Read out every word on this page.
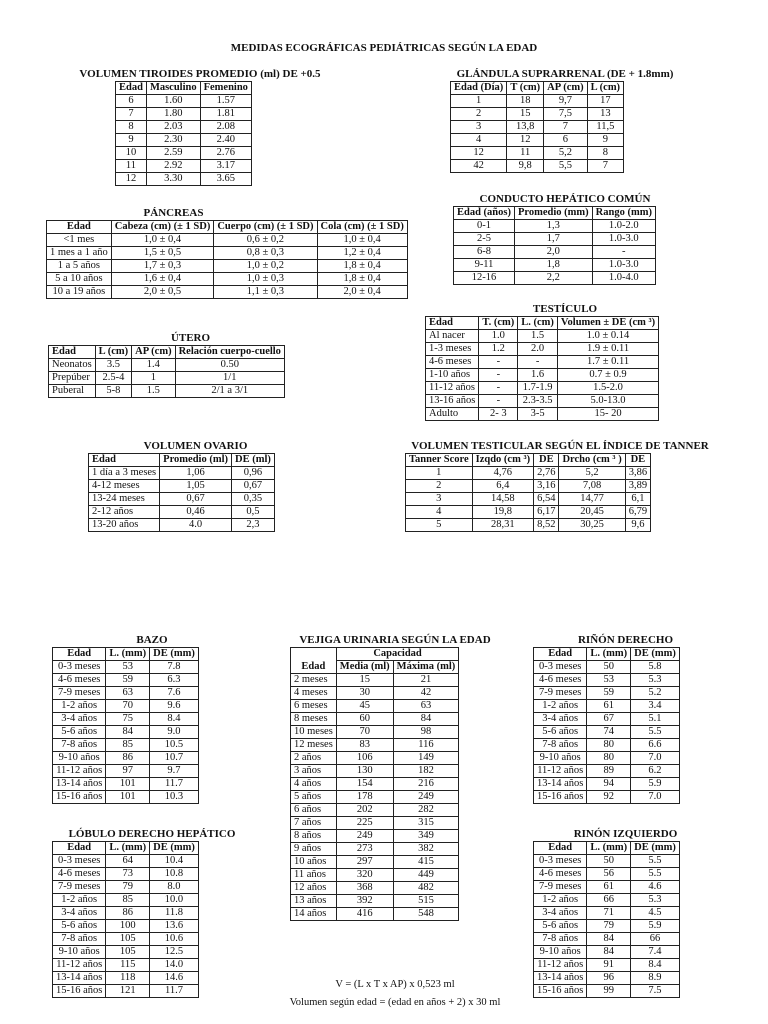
MEDIDAS ECOGRÁFICAS PEDIÁTRICAS SEGÚN LA EDAD
VOLUMEN TIROIDES PROMEDIO (ml) DE +0.5
Edad	Masculino	Femenino
6	1.60	1.57
7	1.80	1.81
8	2.03	2.08
9	2.30	2.40
10	2.59	2.76
11	2.92	3.17
12	3.30	3.65
GLÁNDULA SUPRARRENAL (DE + 1.8mm)
Edad (Día)	T (cm)	AP (cm)	L (cm)
1	18	9,7	17
2	15	7,5	13
3	13,8	7	11,5
4	12	6	9
12	11	5,2	8
42	9,8	5,5	7
PÁNCREAS
Edad	Cabeza (cm) (± 1 SD)	Cuerpo (cm) (± 1 SD)	Cola (cm) (± 1 SD)
<1 mes	1,0 ± 0,4	0,6 ± 0,2	1,0 ± 0,4
1 mes a 1 año	1,5 ± 0,5	0,8 ± 0,3	1,2 ± 0,4
1 a 5 años	1,7 ± 0,3	1,0 ± 0,2	1,8 ± 0,4
5 a 10 años	1,6 ± 0,4	1,0 ± 0,3	1,8 ± 0,4
10 a 19 años	2,0 ± 0,5	1,1 ± 0,3	2,0 ± 0,4
CONDUCTO HEPÁTICO COMÚN
Edad (años)	Promedio (mm)	Rango (mm)
0-1	1,3	1.0-2.0
2-5	1,7	1.0-3.0
6-8	2,0	-
9-11	1,8	1.0-3.0
12-16	2,2	1.0-4.0
TESTÍCULO
Edad	T. (cm)	L. (cm)	Volumen ± DE (cm ³)
Al nacer	1.0	1.5	1.0 ± 0.14
1-3 meses	1.2	2.0	1.9 ± 0.11
4-6 meses	-	-	1.7 ± 0.11
1-10 años	-	1.6	0.7 ± 0.9
11-12 años	-	1.7-1.9	1.5-2.0
13-16 años	-	2.3-3.5	5.0-13.0
Adulto	2- 3	3-5	15- 20
ÚTERO
Edad	L (cm)	AP (cm)	Relación cuerpo-cuello
Neonatos	3.5	1.4	0.50
Prepúber	2.5-4	1	1/1
Puberal	5-8	1.5	2/1 a 3/1
VOLUMEN OVARIO
Edad	Promedio (ml)	DE (ml)
1 día a 3 meses	1,06	0,96
4-12 meses	1,05	0,67
13-24 meses	0,67	0,35
2-12 años	0,46	0,5
13-20 años	4.0	2,3
VOLUMEN TESTICULAR SEGÚN EL ÍNDICE DE TANNER
Tanner Score	Izqdo (cm ³)	DE	Drcho (cm ³ )	DE
1	4,76	2,76	5,2	3,86
2	6,4	3,16	7,08	3,89
3	14,58	6,54	14,77	6,1
4	19,8	6,17	20,45	6,79
5	28,31	8,52	30,25	9,6
BAZO
Edad	L. (mm)	DE (mm)
0-3 meses	53	7.8
4-6 meses	59	6.3
7-9 meses	63	7.6
1-2 años	70	9.6
3-4 años	75	8.4
5-6 años	84	9.0
7-8 años	85	10.5
9-10 años	86	10.7
11-12 años	97	9.7
13-14 años	101	11.7
15-16 años	101	10.3
LÓBULO DERECHO HEPÁTICO
Edad	L. (mm)	DE (mm)
0-3 meses	64	10.4
4-6 meses	73	10.8
7-9 meses	79	8.0
1-2 años	85	10.0
3-4 años	86	11.8
5-6 años	100	13.6
7-8 años	105	10.6
9-10 años	105	12.5
11-12 años	115	14.0
13-14 años	118	14.6
15-16 años	121	11.7
VEJIGA URINARIA SEGÚN LA EDAD
	Capacidad	
Edad	Media (ml)	Máxima (ml)
2 meses	15	21
4 meses	30	42
6 meses	45	63
8 meses	60	84
10 meses	70	98
12 meses	83	116
2 años	106	149
3 años	130	182
4 años	154	216
5 años	178	249
6 años	202	282
7 años	225	315
8 años	249	349
9 años	273	382
10 años	297	415
11 años	320	449
12 años	368	482
13 años	392	515
14 años	416	548
V = (L x T x AP) x 0,523 ml
Volumen según edad = (edad en años + 2) x 30 ml
RIÑÓN DERECHO
Edad	L. (mm)	DE (mm)
0-3 meses	50	5.8
4-6 meses	53	5.3
7-9 meses	59	5.2
1-2 años	61	3.4
3-4 años	67	5.1
5-6 años	74	5.5
7-8 años	80	6.6
9-10 años	80	7.0
11-12 años	89	6.2
13-14 años	94	5.9
15-16 años	92	7.0
RINÓN IZQUIERDO
Edad	L. (mm)	DE (mm)
0-3 meses	50	5.5
4-6 meses	56	5.5
7-9 meses	61	4.6
1-2 años	66	5.3
3-4 años	71	4.5
5-6 años	79	5.9
7-8 años	84	66
9-10 años	84	7.4
11-12 años	91	8.4
13-14 años	96	8.9
15-16 años	99	7.5
